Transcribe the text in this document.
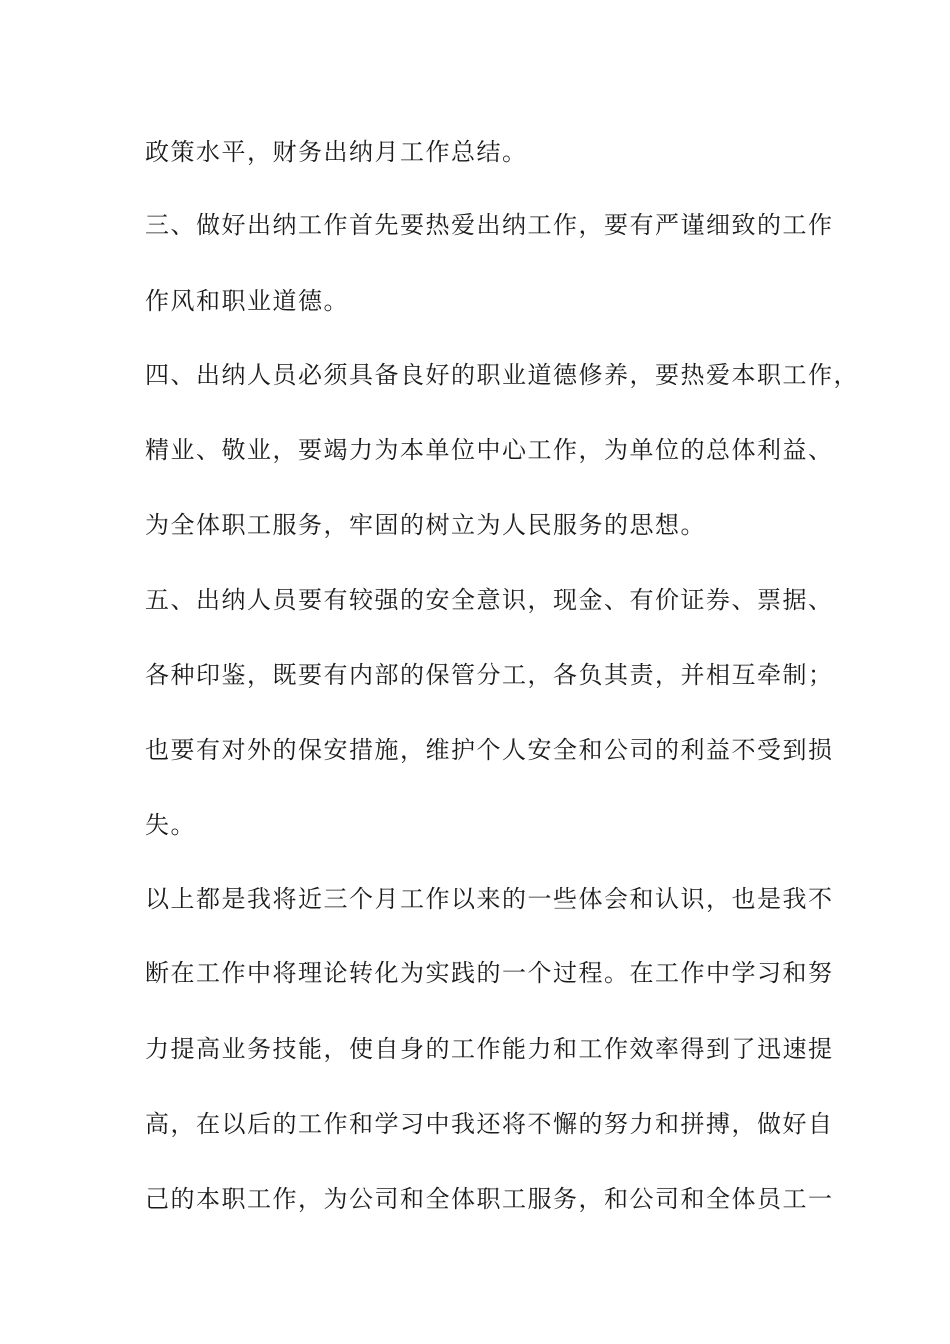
政策水平，财务出纳月工作总结。
三、做好出纳工作首先要热爱出纳工作，要有严谨细致的工作
作风和职业道德。
四、出纳人员必须具备良好的职业道德修养，要热爱本职工作，
精业、敬业，要竭力为本单位中心工作，为单位的总体利益、
为全体职工服务，牢固的树立为人民服务的思想。
五、出纳人员要有较强的安全意识，现金、有价证券、票据、
各种印鉴，既要有内部的保管分工，各负其责，并相互牵制；
也要有对外的保安措施，维护个人安全和公司的利益不受到损
失。
以上都是我将近三个月工作以来的一些体会和认识，也是我不
断在工作中将理论转化为实践的一个过程。在工作中学习和努
力提高业务技能，使自身的工作能力和工作效率得到了迅速提
高，在以后的工作和学习中我还将不懈的努力和拼搏，做好自
己的本职工作，为公司和全体职工服务，和公司和全体员工一
